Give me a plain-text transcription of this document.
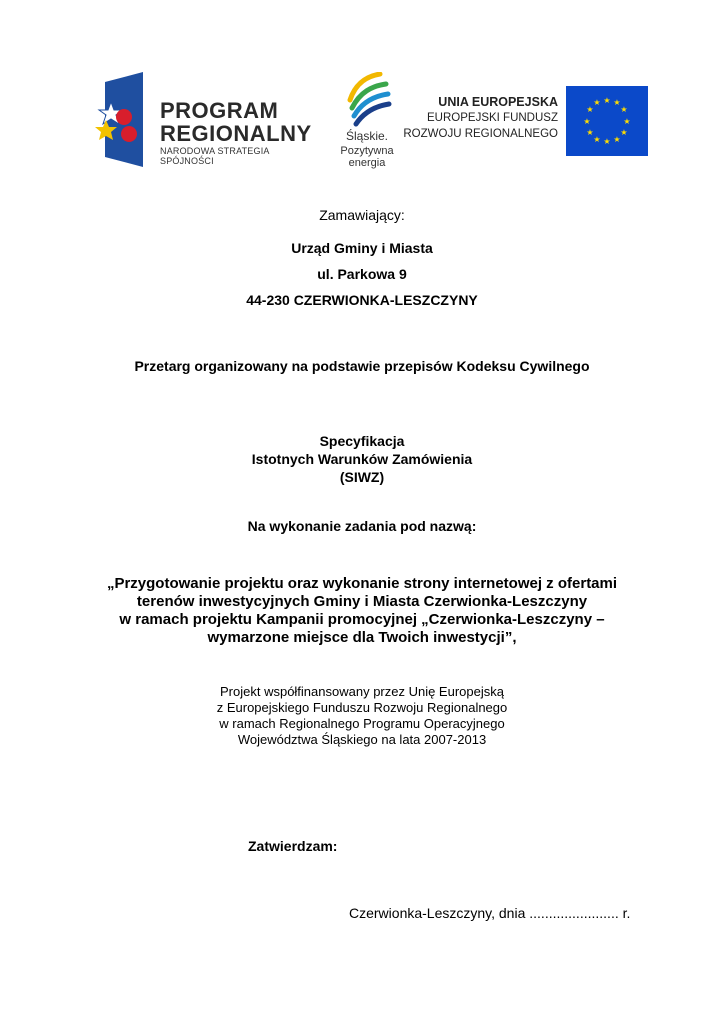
PROGRAM
REGIONALNY
NARODOWA STRATEGIA SPÓJNOŚCI
Śląskie.
Pozytywna energia
UNIA EUROPEJSKA
EUROPEJSKI FUNDUSZ
ROZWOJU REGIONALNEGO
★ ★
★
★
★
★
★
★
★
★
★
★
Zamawiający:
Urząd Gminy i Miasta
ul. Parkowa 9
44-230 CZERWIONKA-LESZCZYNY
Przetarg organizowany na podstawie przepisów Kodeksu Cywilnego
Specyfikacja
Istotnych Warunków Zamówienia
(SIWZ)
Na wykonanie zadania pod nazwą:
„Przygotowanie projektu oraz wykonanie strony internetowej z ofertami
terenów inwestycyjnych Gminy i Miasta Czerwionka-Leszczyny
w ramach projektu Kampanii promocyjnej „Czerwionka-Leszczyny –
wymarzone miejsce dla Twoich inwestycji”,
Projekt współfinansowany przez Unię Europejską
z Europejskiego Funduszu Rozwoju Regionalnego
w ramach Regionalnego Programu Operacyjnego
Województwa Śląskiego na lata 2007-2013
Zatwierdzam:
Czerwionka-Leszczyny, dnia ....................... r.
